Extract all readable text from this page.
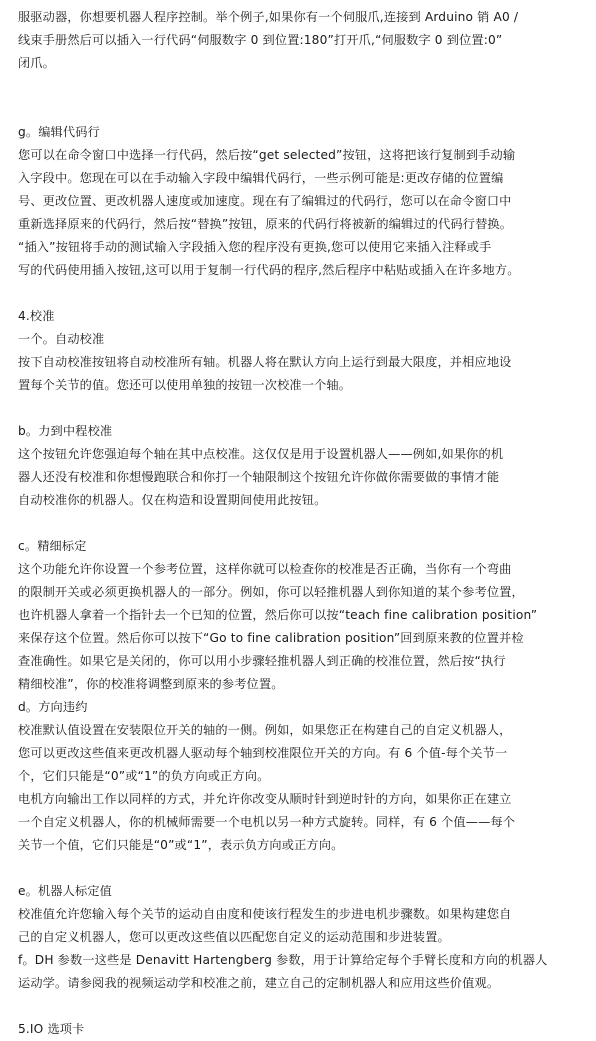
服驱动器，你想要机器人程序控制。举个例子,如果你有一个伺服爪,连接到 Arduino 销 A0 /
线束手册然后可以插入一行代码“伺服数字 0 到位置:180”打开爪,“伺服数字 0 到位置:0”
闭爪。
g。编辑代码行
您可以在命令窗口中选择一行代码，然后按“get selected”按钮，这将把该行复制到手动输
入字段中。您现在可以在手动输入字段中编辑代码行，一些示例可能是:更改存储的位置编
号、更改位置、更改机器人速度或加速度。现在有了编辑过的代码行，您可以在命令窗口中
重新选择原来的代码行，然后按“替换”按钮，原来的代码行将被新的编辑过的代码行替换。
“插入”按钮将手动的测试输入字段插入您的程序没有更换,您可以使用它来插入注释或手
写的代码使用插入按钮,这可以用于复制一行代码的程序,然后程序中粘贴或插入在许多地方。
4.校准
一个。自动校准
按下自动校准按钮将自动校准所有轴。机器人将在默认方向上运行到最大限度，并相应地设
置每个关节的值。您还可以使用单独的按钮一次校准一个轴。
b。力到中程校准
这个按钮允许您强迫每个轴在其中点校准。这仅仅是用于设置机器人——例如,如果你的机
器人还没有校准和你想慢跑联合和你打一个轴限制这个按钮允许你做你需要做的事情才能
自动校准你的机器人。仅在构造和设置期间使用此按钮。
c。精细标定
这个功能允许你设置一个参考位置，这样你就可以检查你的校准是否正确，当你有一个弯曲
的限制开关或必须更换机器人的一部分。例如，你可以轻推机器人到你知道的某个参考位置，
也许机器人拿着一个指针去一个已知的位置，然后你可以按“teach fine calibration position”
来保存这个位置。然后你可以按下“Go to fine calibration position”回到原来教的位置并检
查准确性。如果它是关闭的，你可以用小步骤轻推机器人到正确的校准位置，然后按“执行
精细校准”，你的校准将调整到原来的参考位置。
d。方向违约
校准默认值设置在安装限位开关的轴的一侧。例如，如果您正在构建自己的自定义机器人，
您可以更改这些值来更改机器人驱动每个轴到校准限位开关的方向。有 6 个值-每个关节一
个，它们只能是“0”或“1”的负方向或正方向。
电机方向输出工作以同样的方式，并允许你改变从顺时针到逆时针的方向，如果你正在建立
一个自定义机器人，你的机械师需要一个电机以另一种方式旋转。同样，有 6 个值——每个
关节一个值，它们只能是“0”或“1”，表示负方向或正方向。
e。机器人标定值
校准值允许您输入每个关节的运动自由度和使该行程发生的步进电机步骤数。如果构建您自
己的自定义机器人，您可以更改这些值以匹配您自定义的运动范围和步进装置。
f。DH 参数一这些是 Denavitt Hartengberg 参数，用于计算给定每个手臂长度和方向的机器人
运动学。请参阅我的视频运动学和校准之前，建立自己的定制机器人和应用这些价值观。
5.IO 选项卡
